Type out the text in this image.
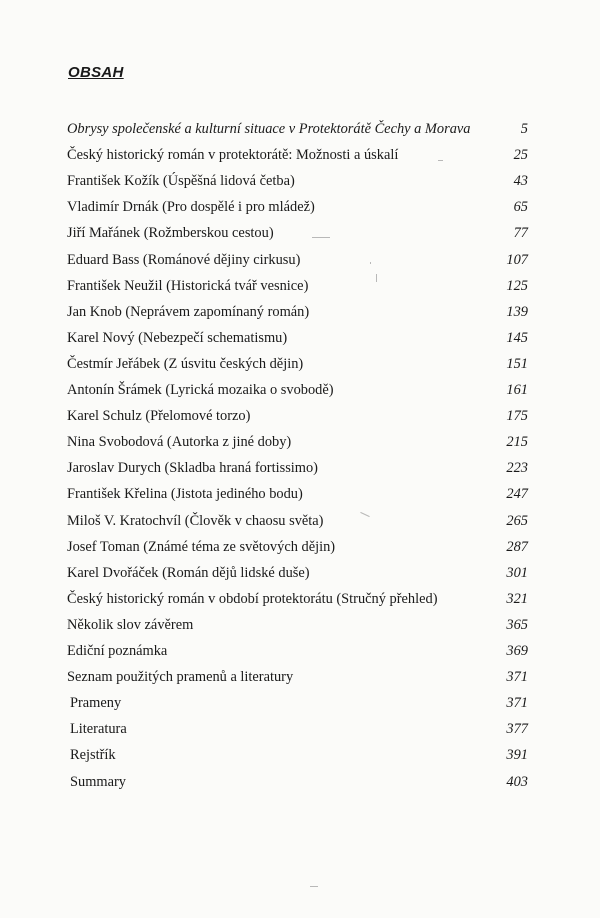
OBSAH
Obrysy společenské a kulturní situace v Protektorátě Čechy a Morava	5
Český historický román v protektorátě: Možnosti a úskalí	25
František Kožík (Úspěšná lidová četba)	43
Vladimír Drnák (Pro dospělé i pro mládež)	65
Jiří Mařánek (Rožmberskou cestou)	77
Eduard Bass (Románové dějiny cirkusu)	107
František Neužil (Historická tvář vesnice)	125
Jan Knob (Neprávem zapomínaný román)	139
Karel Nový (Nebezpečí schematismu)	145
Čestmír Jeřábek (Z úsvitu českých dějin)	151
Antonín Šrámek (Lyrická mozaika o svobodě)	161
Karel Schulz (Přelomové torzo)	175
Nina Svobodová (Autorka z jiné doby)	215
Jaroslav Durych (Skladba hraná fortissimo)	223
František Křelina (Jistota jediného bodu)	247
Miloš V. Kratochvíl (Člověk v chaosu světa)	265
Josef Toman (Známé téma ze světových dějin)	287
Karel Dvořáček (Román dějů lidské duše)	301
Český historický román v období protektorátu (Stručný přehled)	321
Několik slov závěrem	365
Ediční poznámka	369
Seznam použitých pramenů a literatury	371
Prameny	371
Literatura	377
Rejstřík	391
Summary	403
